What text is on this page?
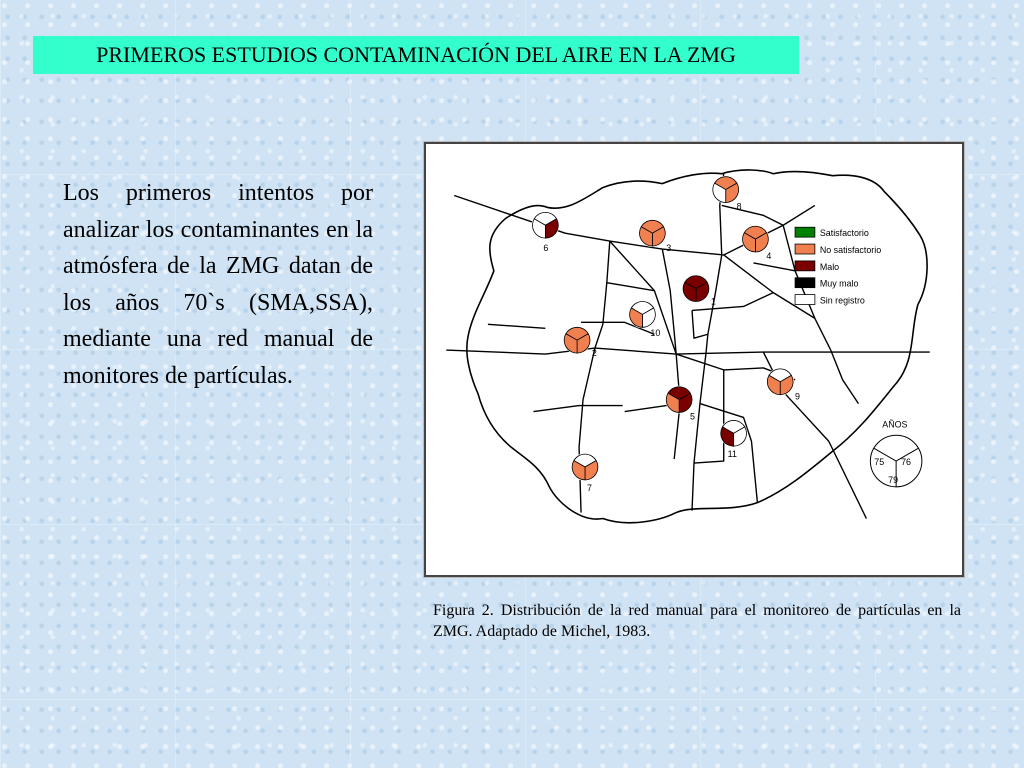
PRIMEROS ESTUDIOS CONTAMINACIÓN DEL AIRE EN LA ZMG
Los primeros intentos por analizar los contaminantes en la atmósfera de la ZMG datan de los años 70`s (SMA,SSA), mediante una red manual de monitores de partículas.
1
2
3
4
5
6
7
8
9
10
11
Satisfactorio
No satisfactorio
Malo
Muy malo
Sin registro
AÑOS
75 76
79
Figura 2. Distribución de la red manual para el monitoreo de partículas en la ZMG. Adaptado de Michel, 1983.
